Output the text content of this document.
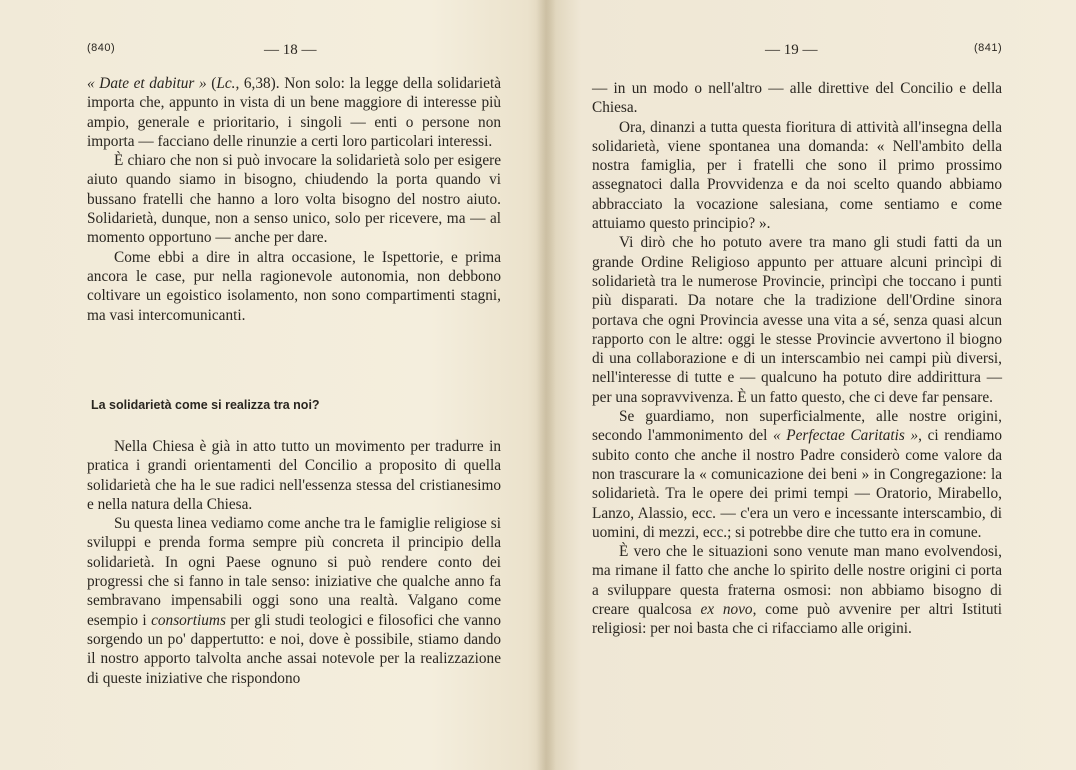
(840)	— 18 —

« Date et dabitur » (Lc., 6,38). Non solo: la legge della solidarietà importa che, appunto in vista di un bene maggiore di interesse più ampio, generale e prioritario, i singoli — enti o persone non importa — facciano delle rinunzie a certi loro particolari interessi.

È chiaro che non si può invocare la solidarietà solo per esigere aiuto quando siamo in bisogno, chiudendo la porta quando vi bussano fratelli che hanno a loro volta bisogno del nostro aiuto. Solidarietà, dunque, non a senso unico, solo per ricevere, ma — al momento opportuno — anche per dare.

Come ebbi a dire in altra occasione, le Ispettorie, e prima ancora le case, pur nella ragionevole autonomia, non debbono coltivare un egoistico isolamento, non sono compartimenti stagni, ma vasi intercomunicanti.

La solidarietà come si realizza tra noi?

Nella Chiesa è già in atto tutto un movimento per tradurre in pratica i grandi orientamenti del Concilio a proposito di quella solidarietà che ha le sue radici nell'essenza stessa del cristianesimo e nella natura della Chiesa.

Su questa linea vediamo come anche tra le famiglie religiose si sviluppi e prenda forma sempre più concreta il principio della solidarietà. In ogni Paese ognuno si può rendere conto dei progressi che si fanno in tale senso: iniziative che qualche anno fa sembravano impensabili oggi sono una realtà. Valgano come esempio i consortiums per gli studi teologici e filosofici che vanno sorgendo un po' dappertutto: e noi, dove è possibile, stiamo dando il nostro apporto talvolta anche assai notevole per la realizzazione di queste iniziative che rispondono

— 19 —	(841)

— in un modo o nell'altro — alle direttive del Concilio e della Chiesa.

Ora, dinanzi a tutta questa fioritura di attività all'insegna della solidarietà, viene spontanea una domanda: « Nell'ambito della nostra famiglia, per i fratelli che sono il primo prossimo assegnatoci dalla Provvidenza e da noi scelto quando abbiamo abbracciato la vocazione salesiana, come sentiamo e come attuiamo questo principio? ».

Vi dirò che ho potuto avere tra mano gli studi fatti da un grande Ordine Religioso appunto per attuare alcuni princìpi di solidarietà tra le numerose Provincie, princìpi che toccano i punti più disparati. Da notare che la tradizione dell'Ordine sinora portava che ogni Provincia avesse una vita a sé, senza quasi alcun rapporto con le altre: oggi le stesse Provincie avvertono il biogno di una collaborazione e di un interscambio nei campi più diversi, nell'interesse di tutte e — qualcuno ha potuto dire addirittura — per una sopravvivenza. È un fatto questo, che ci deve far pensare.

Se guardiamo, non superficialmente, alle nostre origini, secondo l'ammonimento del « Perfectae Caritatis », ci rendiamo subito conto che anche il nostro Padre considerò come valore da non trascurare la « comunicazione dei beni » in Congregazione: la solidarietà. Tra le opere dei primi tempi — Oratorio, Mirabello, Lanzo, Alassio, ecc. — c'era un vero e incessante interscambio, di uomini, di mezzi, ecc.; si potrebbe dire che tutto era in comune.

È vero che le situazioni sono venute man mano evolvendosi, ma rimane il fatto che anche lo spirito delle nostre origini ci porta a sviluppare questa fraterna osmosi: non abbiamo bisogno di creare qualcosa ex novo, come può avvenire per altri Istituti religiosi: per noi basta che ci rifacciamo alle origini.
